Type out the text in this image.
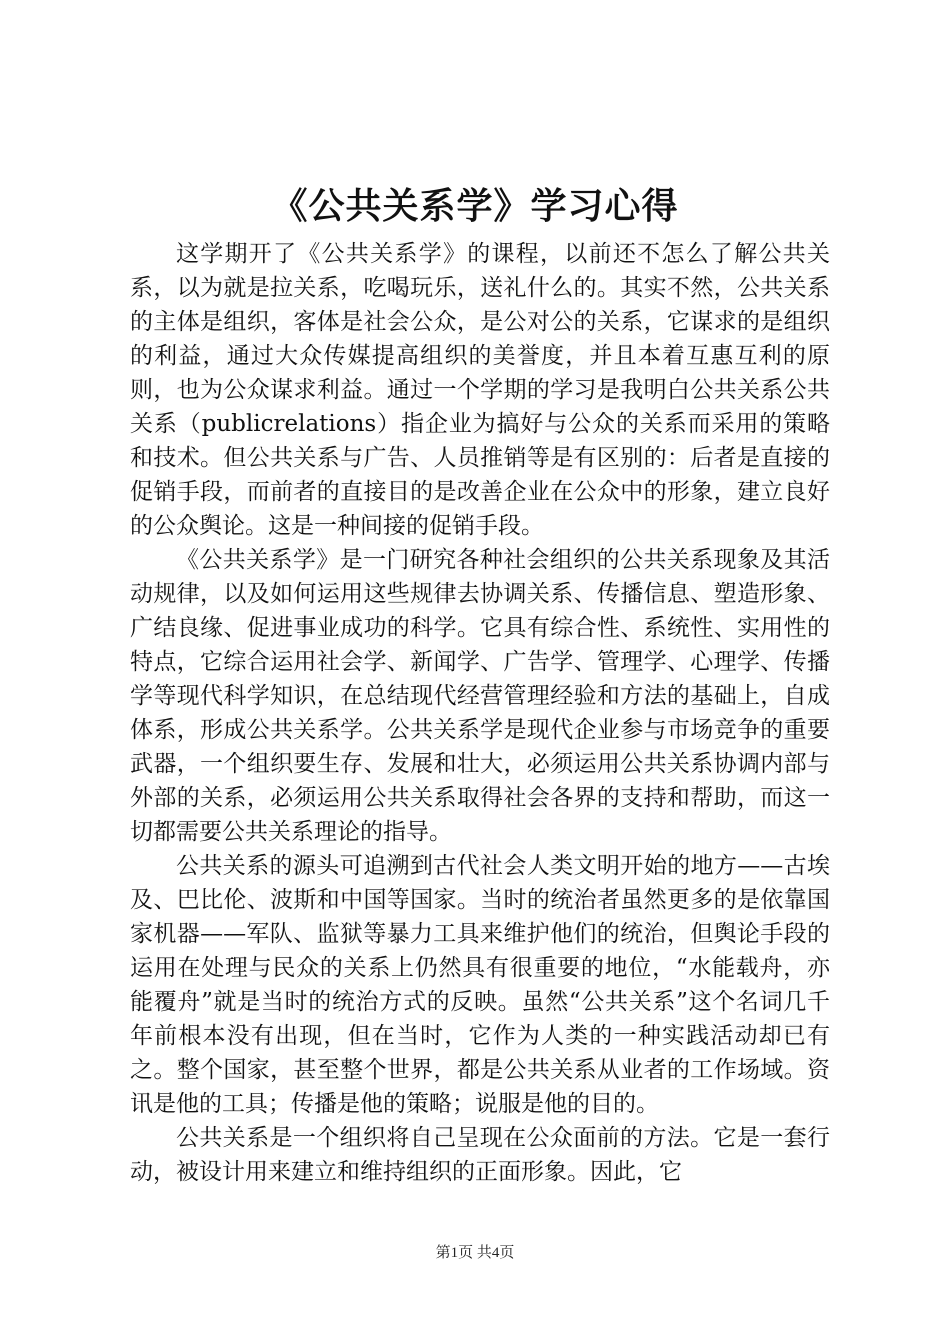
《公共关系学》学习心得

这学期开了《公共关系学》的课程，以前还不怎么了解公共关系，以为就是拉关系，吃喝玩乐，送礼什么的。其实不然，公共关系的主体是组织，客体是社会公众，是公对公的关系，它谋求的是组织的利益，通过大众传媒提高组织的美誉度，并且本着互惠互利的原则，也为公众谋求利益。通过一个学期的学习是我明白公共关系公共关系（publicrelations）指企业为搞好与公众的关系而采用的策略和技术。但公共关系与广告、人员推销等是有区别的：后者是直接的促销手段，而前者的直接目的是改善企业在公众中的形象，建立良好的公众舆论。这是一种间接的促销手段。

《公共关系学》是一门研究各种社会组织的公共关系现象及其活动规律，以及如何运用这些规律去协调关系、传播信息、塑造形象、广结良缘、促进事业成功的科学。它具有综合性、系统性、实用性的特点，它综合运用社会学、新闻学、广告学、管理学、心理学、传播学等现代科学知识，在总结现代经营管理经验和方法的基础上，自成体系，形成公共关系学。公共关系学是现代企业参与市场竞争的重要武器，一个组织要生存、发展和壮大，必须运用公共关系协调内部与外部的关系，必须运用公共关系取得社会各界的支持和帮助，而这一切都需要公共关系理论的指导。

公共关系的源头可追溯到古代社会人类文明开始的地方——古埃及、巴比伦、波斯和中国等国家。当时的统治者虽然更多的是依靠国家机器——军队、监狱等暴力工具来维护他们的统治，但舆论手段的运用在处理与民众的关系上仍然具有很重要的地位，“水能载舟，亦能覆舟”就是当时的统治方式的反映。虽然“公共关系”这个名词几千年前根本没有出现，但在当时，它作为人类的一种实践活动却已有之。整个国家，甚至整个世界，都是公共关系从业者的工作场域。资讯是他的工具；传播是他的策略；说服是他的目的。

公共关系是一个组织将自己呈现在公众面前的方法。它是一套行动，被设计用来建立和维持组织的正面形象。因此，它

第1页 共4页
